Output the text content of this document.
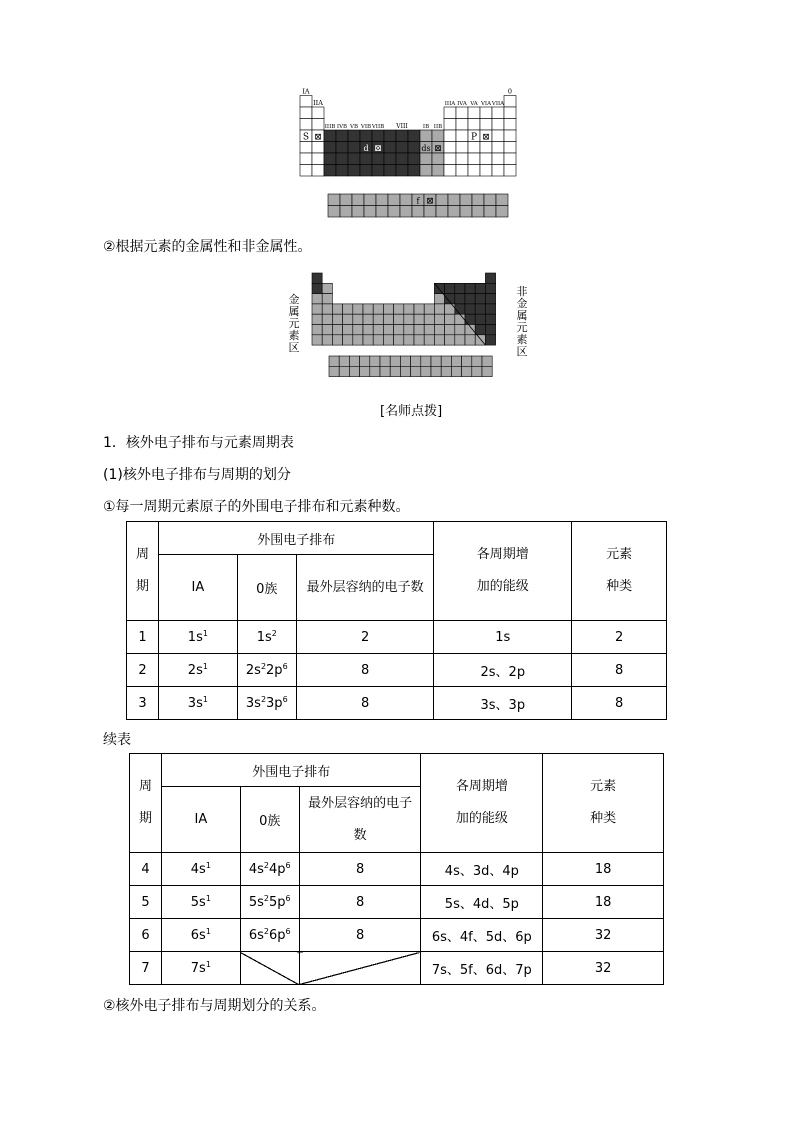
IA
IIA
IIIB IVB VB VIB VIIB VIII	IB IIB
IIIA IVA VA VIA VIIA
0
S ⊠
d ⊠	ds ⊠
P ⊠
f ⊠
②根据元素的金属性和非金属性。
金
属
元
素
区
非
金
属
元
素
区
[名师点拨]
1．核外电子排布与元素周期表
(1)核外电子排布与周期的划分
①每一周期元素原子的外围电子排布和元素种数。
周
期	外围电子排布			各周期增
加的能级	元素
种类
	ⅠA	0族	最外层容纳的电子数		
1	$1s^1$	$1s^2$	2	1s	2
2	$2s^1$	$2s^22p^6$	8	2s、2p	8
3	$3s^1$	$3s^23p^6$	8	3s、3p	8
续表
周
期	外围电子排布			各周期增
加的能级	元素
种类
	ⅠA	0族	最外层容纳的电子数		
4	$4s^1$	$4s^24p^6$	8	4s、3d、4p	18
5	$5s^1$	$5s^25p^6$	8	5s、4d、5p	18
6	$6s^1$	$6s^26p^6$	8	6s、4f、5d、6p	32
7	$7s^1$			7s、5f、6d、7p	32
②核外电子排布与周期划分的关系。
